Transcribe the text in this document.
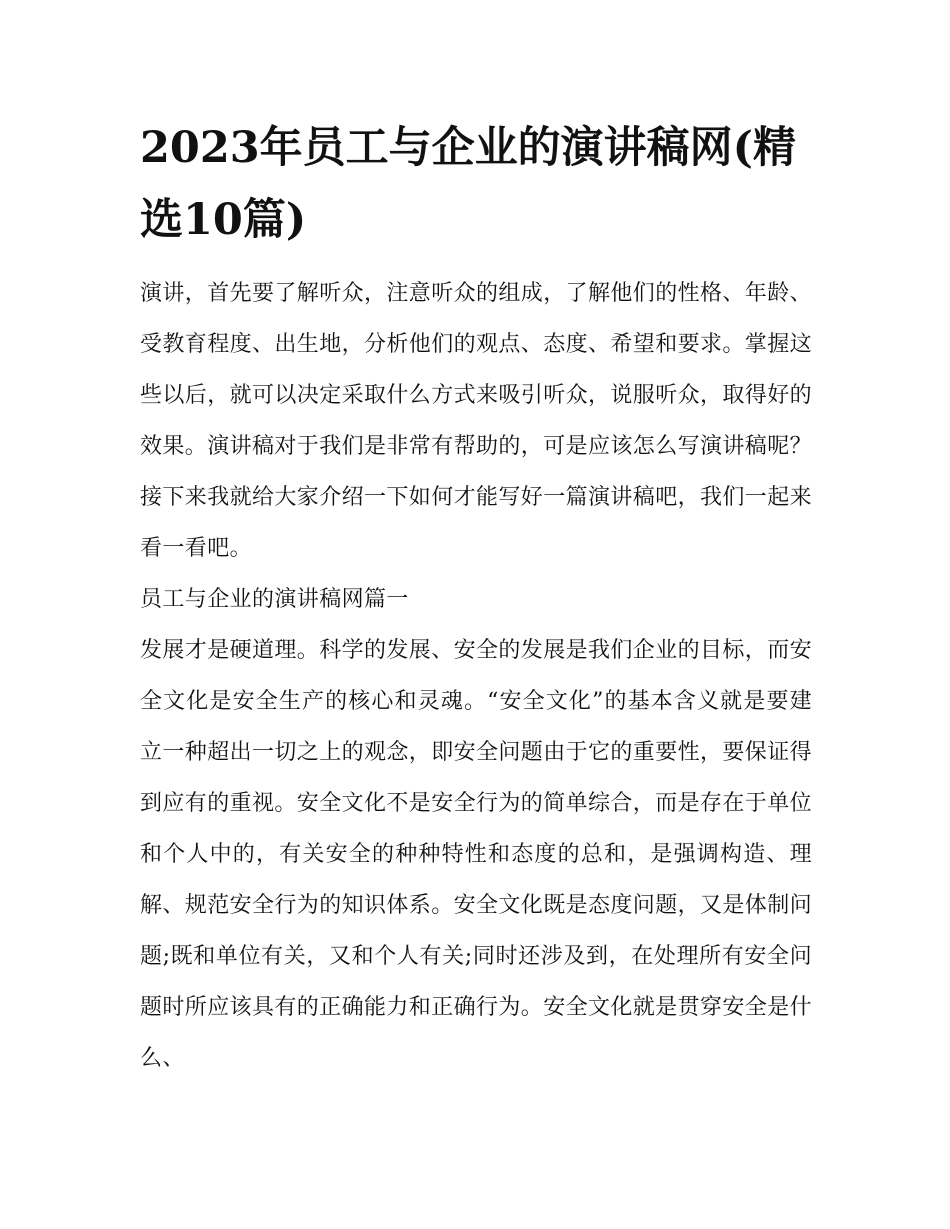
2023年员工与企业的演讲稿网(精选10篇)

演讲，首先要了解听众，注意听众的组成，了解他们的性格、年龄、受教育程度、出生地，分析他们的观点、态度、希望和要求。掌握这些以后，就可以决定采取什么方式来吸引听众，说服听众，取得好的效果。演讲稿对于我们是非常有帮助的，可是应该怎么写演讲稿呢？接下来我就给大家介绍一下如何才能写好一篇演讲稿吧，我们一起来看一看吧。

员工与企业的演讲稿网篇一

发展才是硬道理。科学的发展、安全的发展是我们企业的目标，而安全文化是安全生产的核心和灵魂。“安全文化”的基本含义就是要建立一种超出一切之上的观念，即安全问题由于它的重要性，要保证得到应有的重视。安全文化不是安全行为的简单综合，而是存在于单位和个人中的，有关安全的种种特性和态度的总和，是强调构造、理解、规范安全行为的知识体系。安全文化既是态度问题，又是体制问题;既和单位有关，又和个人有关;同时还涉及到，在处理所有安全问题时所应该具有的正确能力和正确行为。安全文化就是贯穿安全是什么、
